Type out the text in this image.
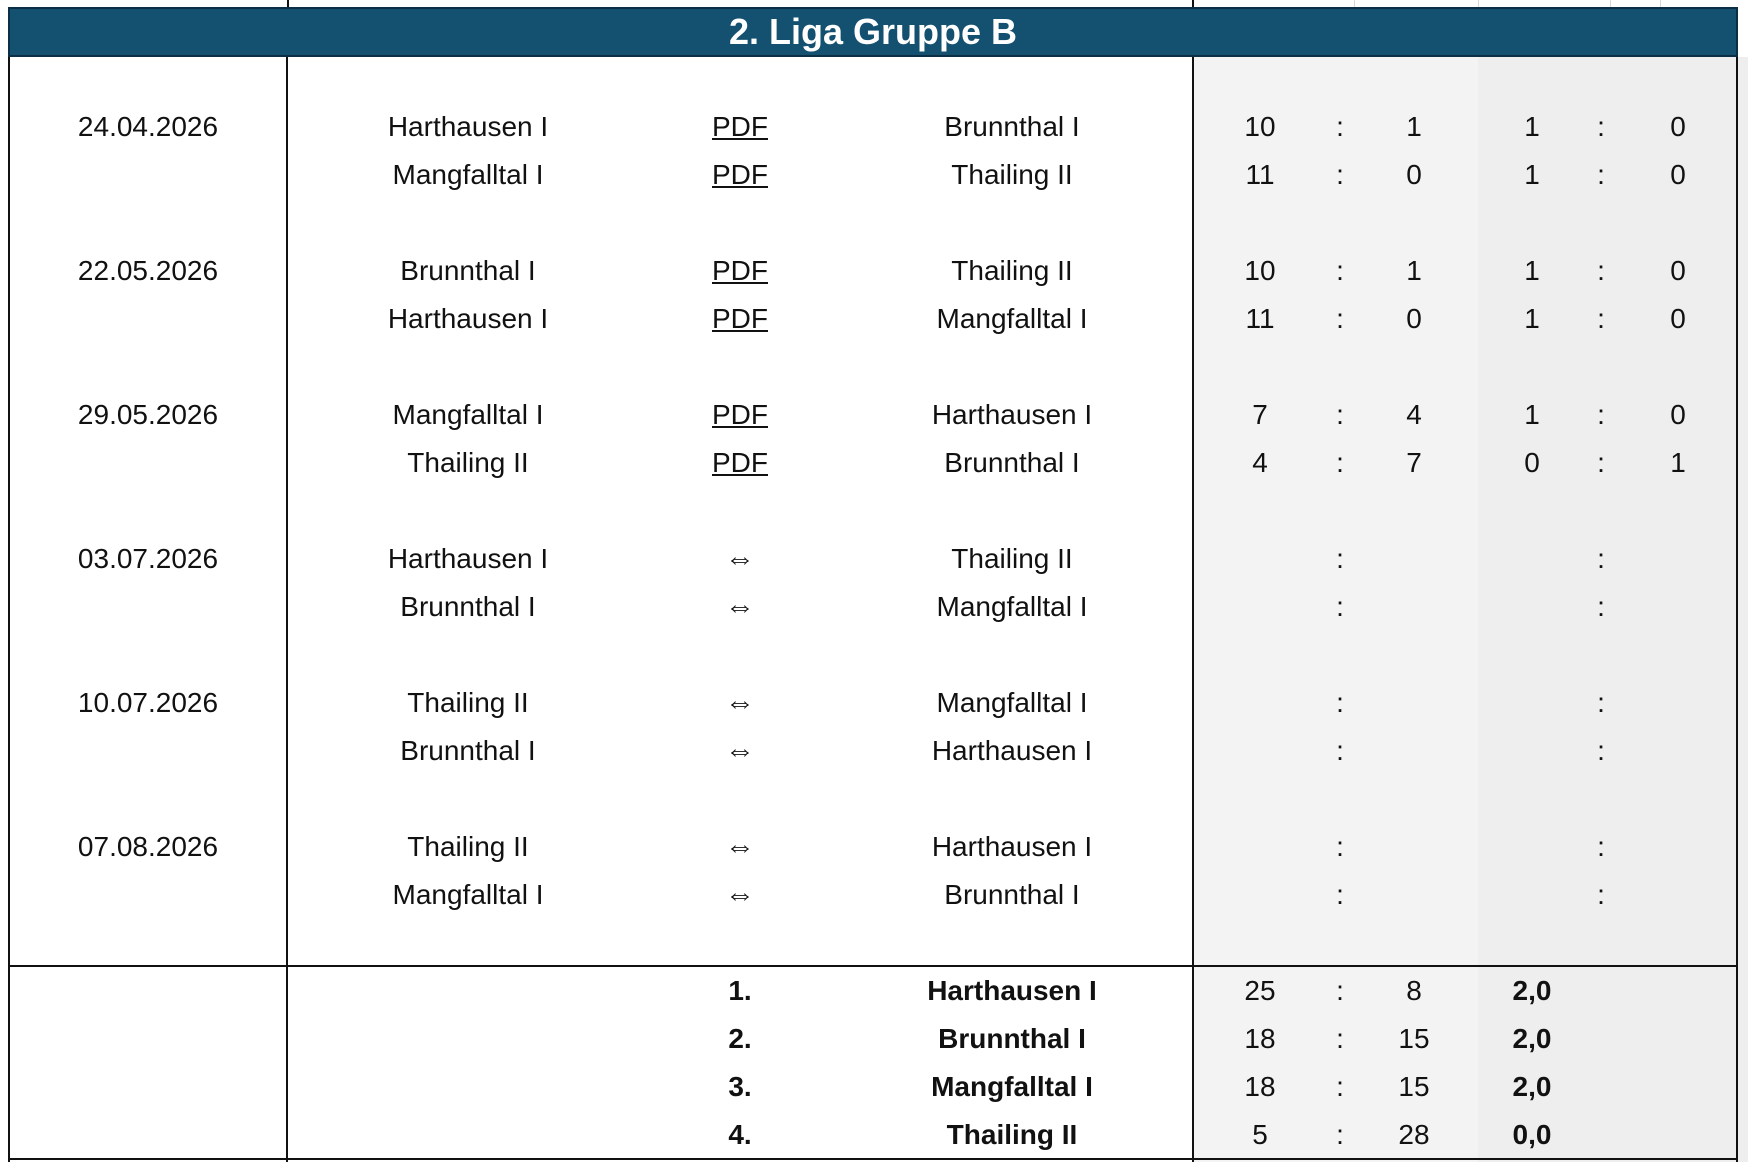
2. Liga Gruppe B
24.04.2026	Harthausen I	PDF	Brunnthal I	10 : 1	1 : 0
Mangfalltal I	PDF	Thailing II	11 : 0	1 : 0
22.05.2026	Brunnthal I	PDF	Thailing II	10 : 1	1 : 0
Harthausen I	PDF	Mangfalltal I	11 : 0	1 : 0
29.05.2026	Mangfalltal I	PDF	Harthausen I	7 : 4	1 : 0
Thailing II	PDF	Brunnthal I	4 : 7	0 : 1
03.07.2026	Harthausen I	⇔	Thailing II	:	:
Brunnthal I	⇔	Mangfalltal I	:	:
10.07.2026	Thailing II	⇔	Mangfalltal I	:	:
Brunnthal I	⇔	Harthausen I	:	:
07.08.2026	Thailing II	⇔	Harthausen I	:	:
Mangfalltal I	⇔	Brunnthal I	:	:
1.	Harthausen I	25 : 8	2,0
2.	Brunnthal I	18 : 15	2,0
3.	Mangfalltal I	18 : 15	2,0
4.	Thailing II	5 : 28	0,0
